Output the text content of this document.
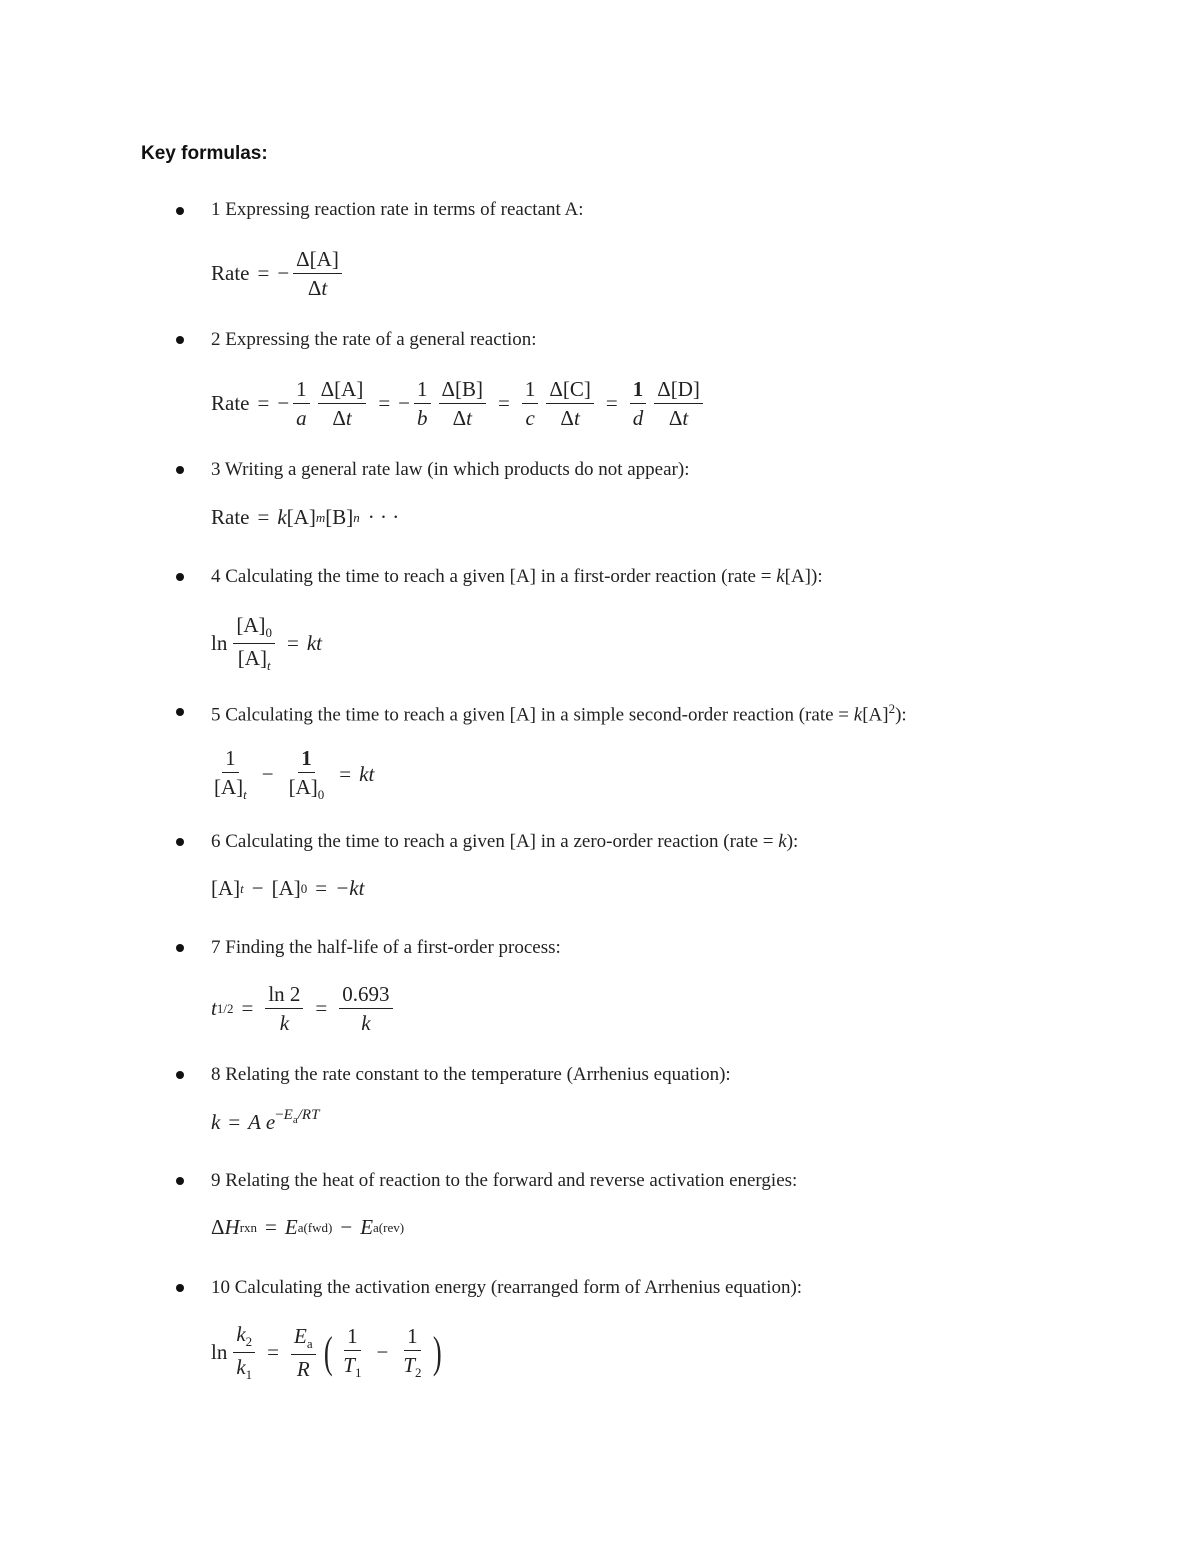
Key formulas:
1 Expressing reaction rate in terms of reactant A:
Rate = − $\frac{\Delta[A]}{\Delta t}$
2 Expressing the rate of a general reaction:
Rate = − $\frac{1}{a} \frac{\Delta[A]}{\Delta t}$ = − $\frac{1}{b} \frac{\Delta[B]}{\Delta t} = \frac{1}{c} \frac{\Delta[C]}{\Delta t} = \frac{1}{d} \frac{\Delta[D]}{\Delta t}$
3 Writing a general rate law (in which products do not appear):
Rate = k [A] m [B] n · · ·
4 Calculating the time to reach a given [A] in a first-order reaction (rate = k[A]):
$\ln \frac{[A]_0}{[A]_t}$ = kt
5 Calculating the time to reach a given [A] in a simple second-order reaction (rate = $k[A]^2$):
$\frac{1}{[A]_t} - \frac{1}{[A]_0}$ = kt
6 Calculating the time to reach a given [A] in a zero-order reaction (rate = k):
[A] t − [A] 0 = −kt
7 Finding the half-life of a first-order process:
t $1/2 = \frac{\ln 2}{k} = \frac{0.693}{k}$
8 Relating the rate constant to the temperature (Arrhenius equation):
k = A e $^{-E_a/RT}$
9 Relating the heat of reaction to the forward and reverse activation energies:
Δ H rxn = E a(fwd) − E a(rev)
10 Calculating the activation energy (rearranged form of Arrhenius equation):
$\ln \frac{k_2}{k_1} = \frac{E_a}{R}$ ( $\frac{1}{T_1} - \frac{1}{T_2}$ )
